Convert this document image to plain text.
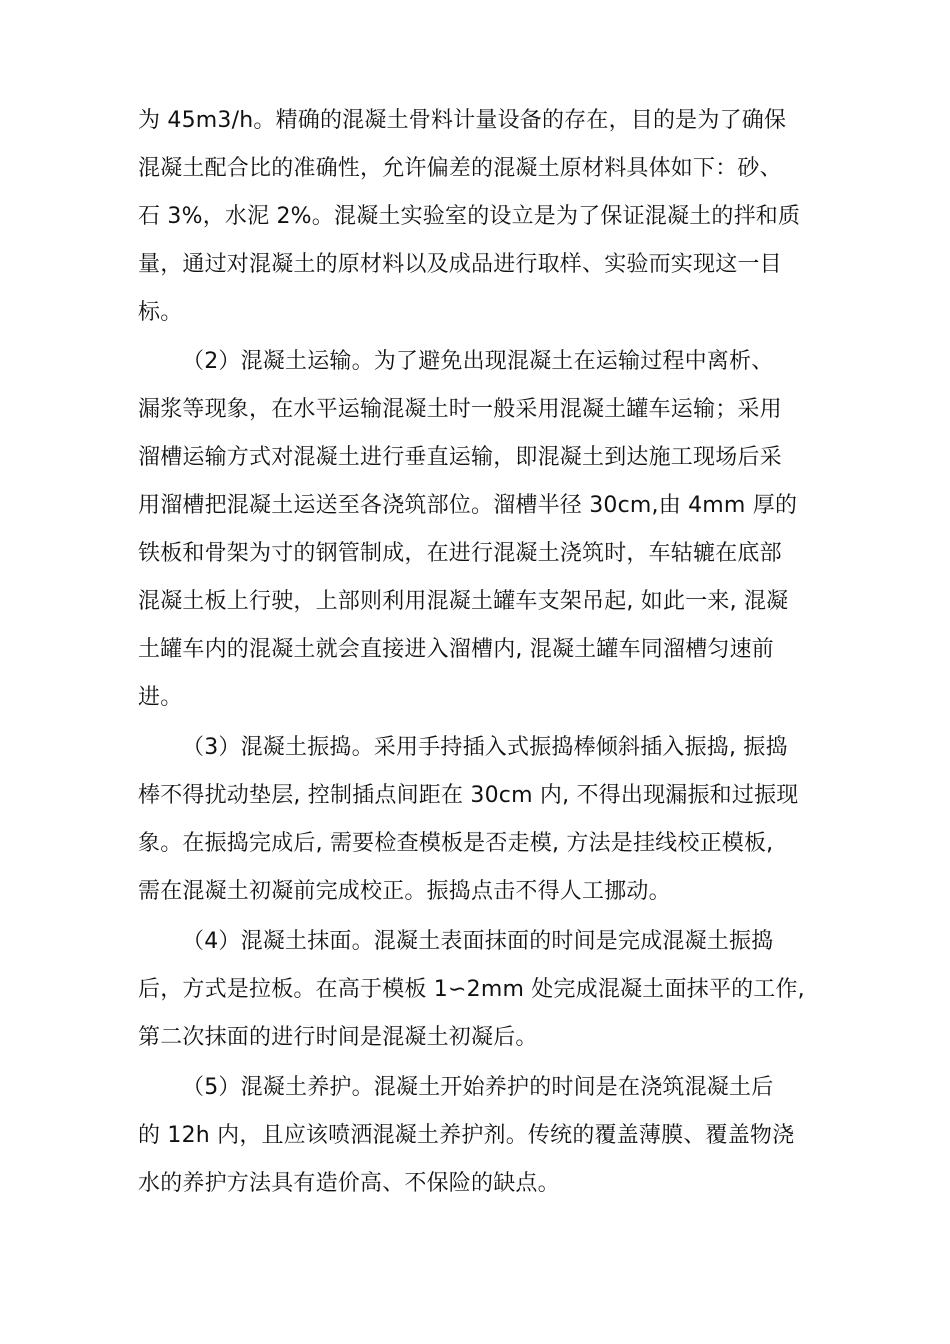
为 45m3/h。精确的混凝土骨料计量设备的存在，目的是为了确保
混凝土配合比的准确性，允许偏差的混凝土原材料具体如下：砂、
石 3%，水泥 2%。混凝土实验室的设立是为了保证混凝土的拌和质
量，通过对混凝土的原材料以及成品进行取样、实验而实现这一目
标。
（2）混凝土运输。为了避免出现混凝土在运输过程中离析、
漏浆等现象，在水平运输混凝土时一般采用混凝土罐车运输；采用
溜槽运输方式对混凝土进行垂直运输，即混凝土到达施工现场后采
用溜槽把混凝土运送至各浇筑部位。溜槽半径 30cm,由 4mm 厚的
铁板和骨架为寸的钢管制成，在进行混凝土浇筑时，车轱辘在底部
混凝土板上行驶，上部则利用混凝土罐车支架吊起, 如此一来, 混凝
土罐车内的混凝土就会直接进入溜槽内, 混凝土罐车同溜槽匀速前
进。
（3）混凝土振捣。采用手持插入式振捣棒倾斜插入振捣, 振捣
棒不得扰动垫层, 控制插点间距在 30cm 内, 不得出现漏振和过振现
象。在振捣完成后, 需要检查模板是否走模, 方法是挂线校正模板,
需在混凝土初凝前完成校正。振捣点击不得人工挪动。
（4）混凝土抹面。混凝土表面抹面的时间是完成混凝土振捣
后，方式是拉板。在高于模板 1∽2mm 处完成混凝土面抹平的工作,
第二次抹面的进行时间是混凝土初凝后。
（5）混凝土养护。混凝土开始养护的时间是在浇筑混凝土后
的 12h 内，且应该喷洒混凝土养护剂。传统的覆盖薄膜、覆盖物浇
水的养护方法具有造价高、不保险的缺点。
